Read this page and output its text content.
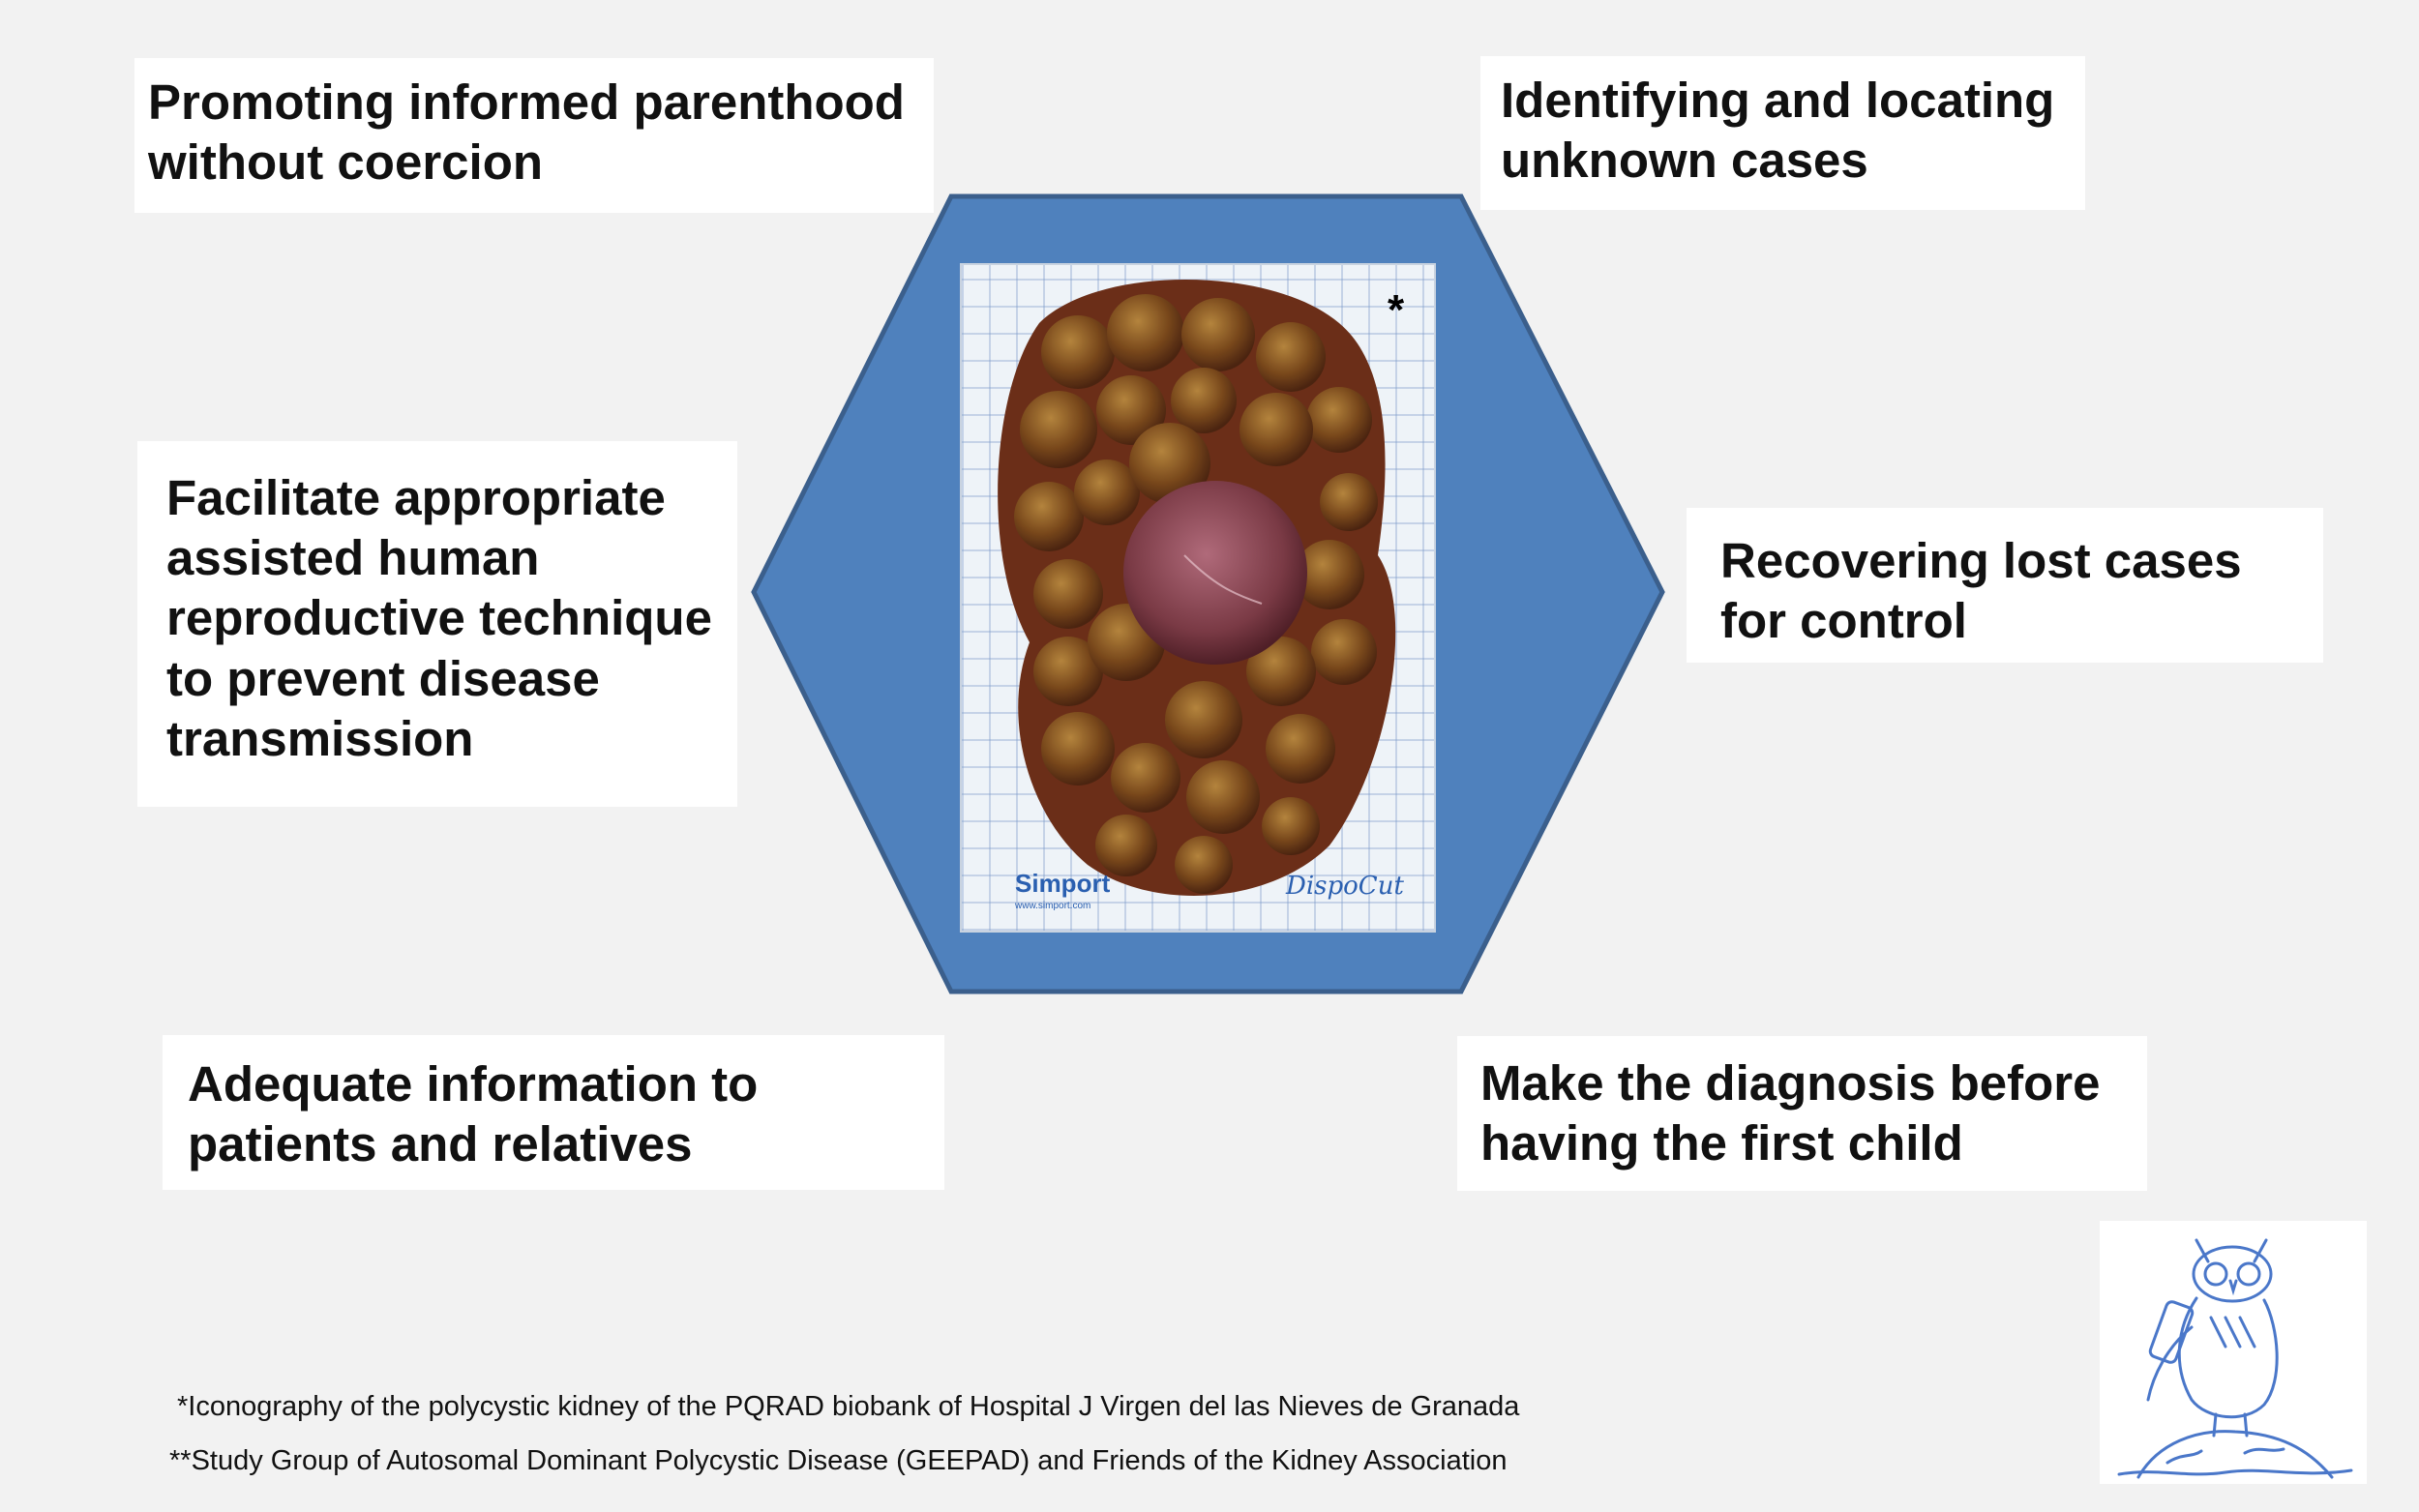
Simport
www.simport.com
DispoCut
*
Promoting informed parenthood
without coercion
Identifying and locating
unknown cases
Facilitate appropriate
assisted human
reproductive technique
to prevent disease
transmission
Recovering lost cases
for control
Adequate information to
patients and relatives
Make the diagnosis before
having the first child
*Iconography of the polycystic kidney of the PQRAD biobank of Hospital J Virgen del las Nieves de Granada
**Study Group of Autosomal Dominant Polycystic Disease (GEEPAD) and Friends of the Kidney Association
